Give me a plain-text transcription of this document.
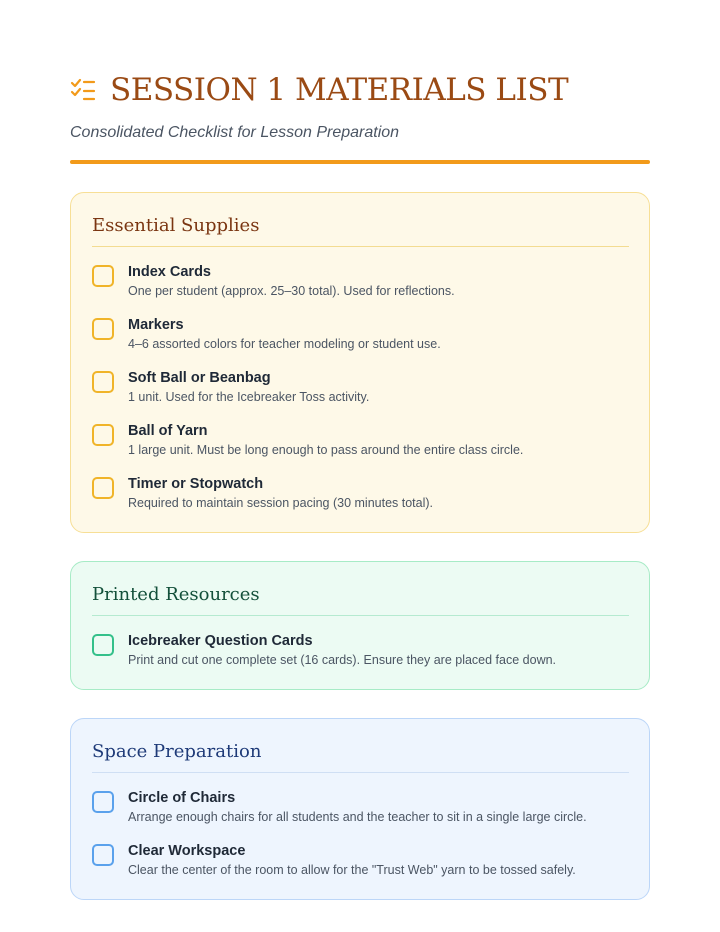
SESSION 1 MATERIALS LIST
Consolidated Checklist for Lesson Preparation
Essential Supplies
Index Cards
One per student (approx. 25–30 total). Used for reflections.
Markers
4–6 assorted colors for teacher modeling or student use.
Soft Ball or Beanbag
1 unit. Used for the Icebreaker Toss activity.
Ball of Yarn
1 large unit. Must be long enough to pass around the entire class circle.
Timer or Stopwatch
Required to maintain session pacing (30 minutes total).
Printed Resources
Icebreaker Question Cards
Print and cut one complete set (16 cards). Ensure they are placed face down.
Space Preparation
Circle of Chairs
Arrange enough chairs for all students and the teacher to sit in a single large circle.
Clear Workspace
Clear the center of the room to allow for the "Trust Web" yarn to be tossed safely.
